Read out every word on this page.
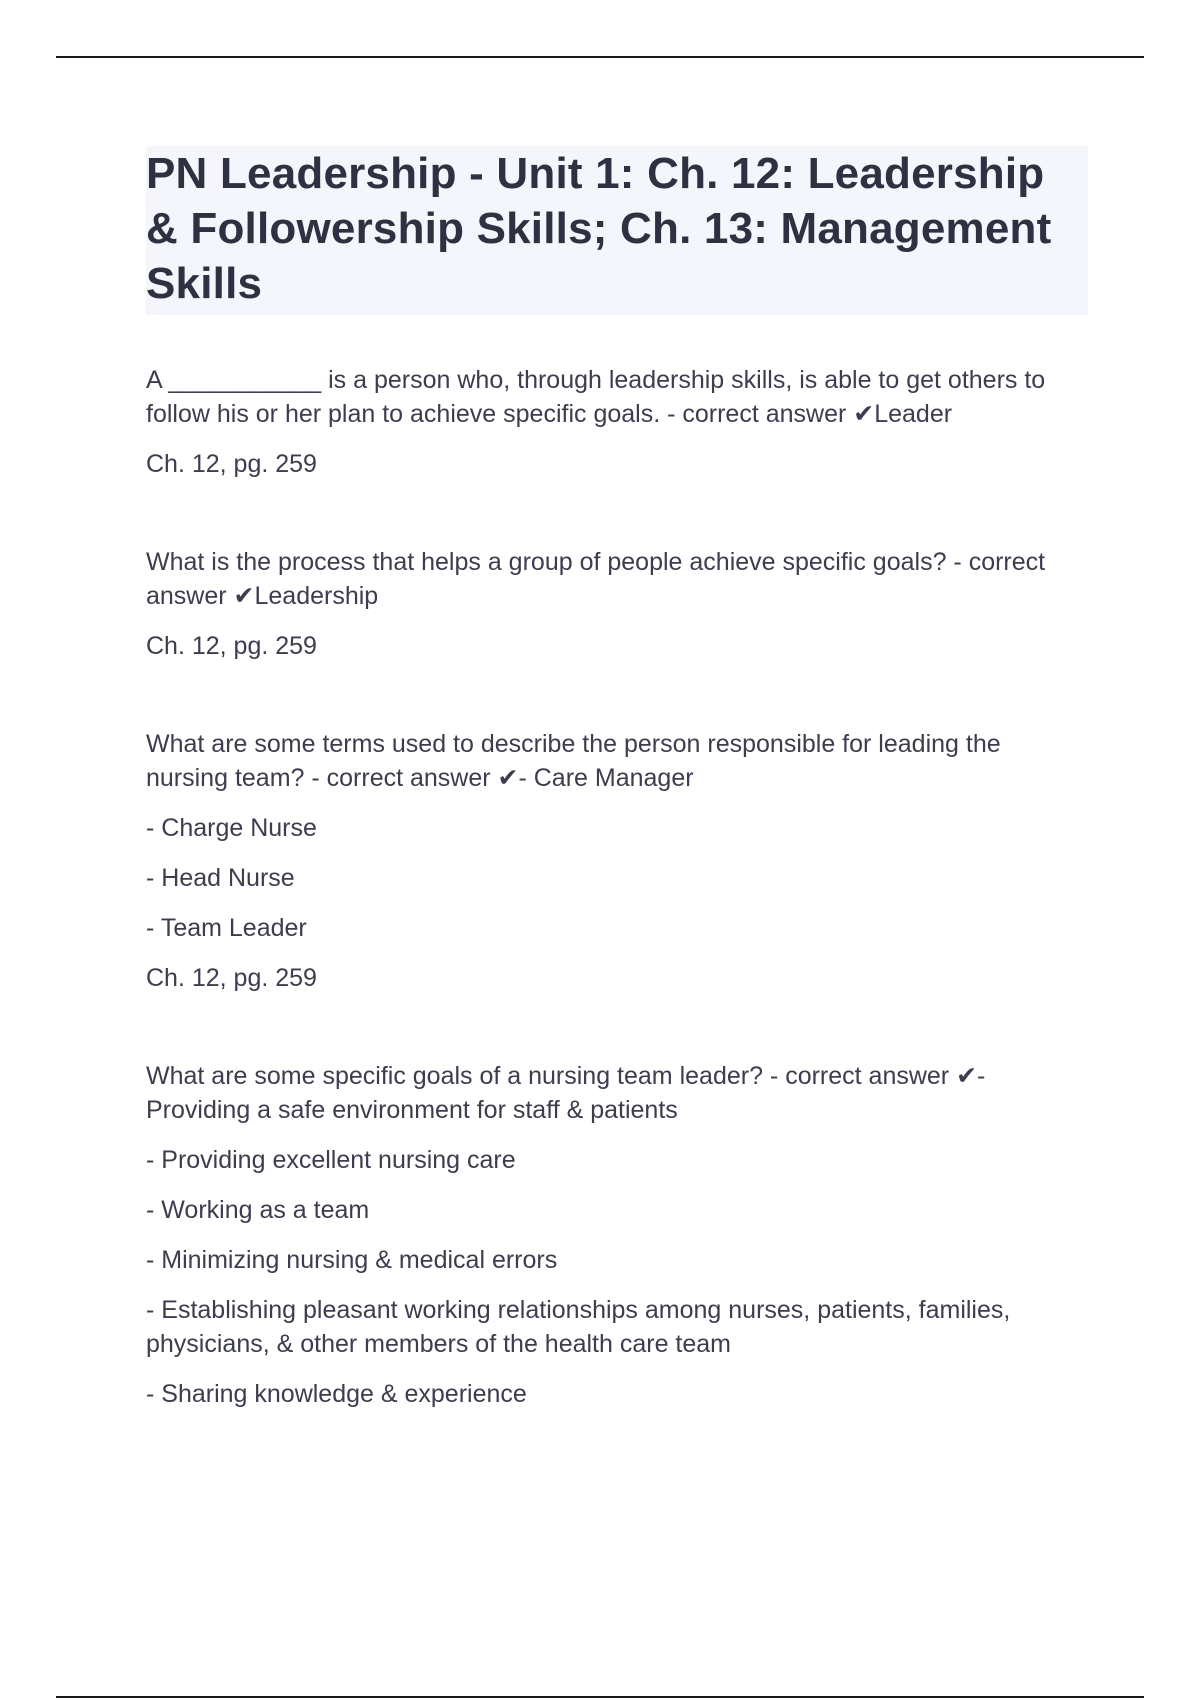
PN Leadership - Unit 1: Ch. 12: Leadership & Followership Skills; Ch. 13: Management Skills

A ___________ is a person who, through leadership skills, is able to get others to follow his or her plan to achieve specific goals. - correct answer ✔Leader

Ch. 12, pg. 259

What is the process that helps a group of people achieve specific goals? - correct answer ✔Leadership

Ch. 12, pg. 259

What are some terms used to describe the person responsible for leading the nursing team? - correct answer ✔- Care Manager

- Charge Nurse

- Head Nurse

- Team Leader

Ch. 12, pg. 259

What are some specific goals of a nursing team leader? - correct answer ✔- Providing a safe environment for staff & patients

- Providing excellent nursing care

- Working as a team

- Minimizing nursing & medical errors

- Establishing pleasant working relationships among nurses, patients, families, physicians, & other members of the health care team

- Sharing knowledge & experience
